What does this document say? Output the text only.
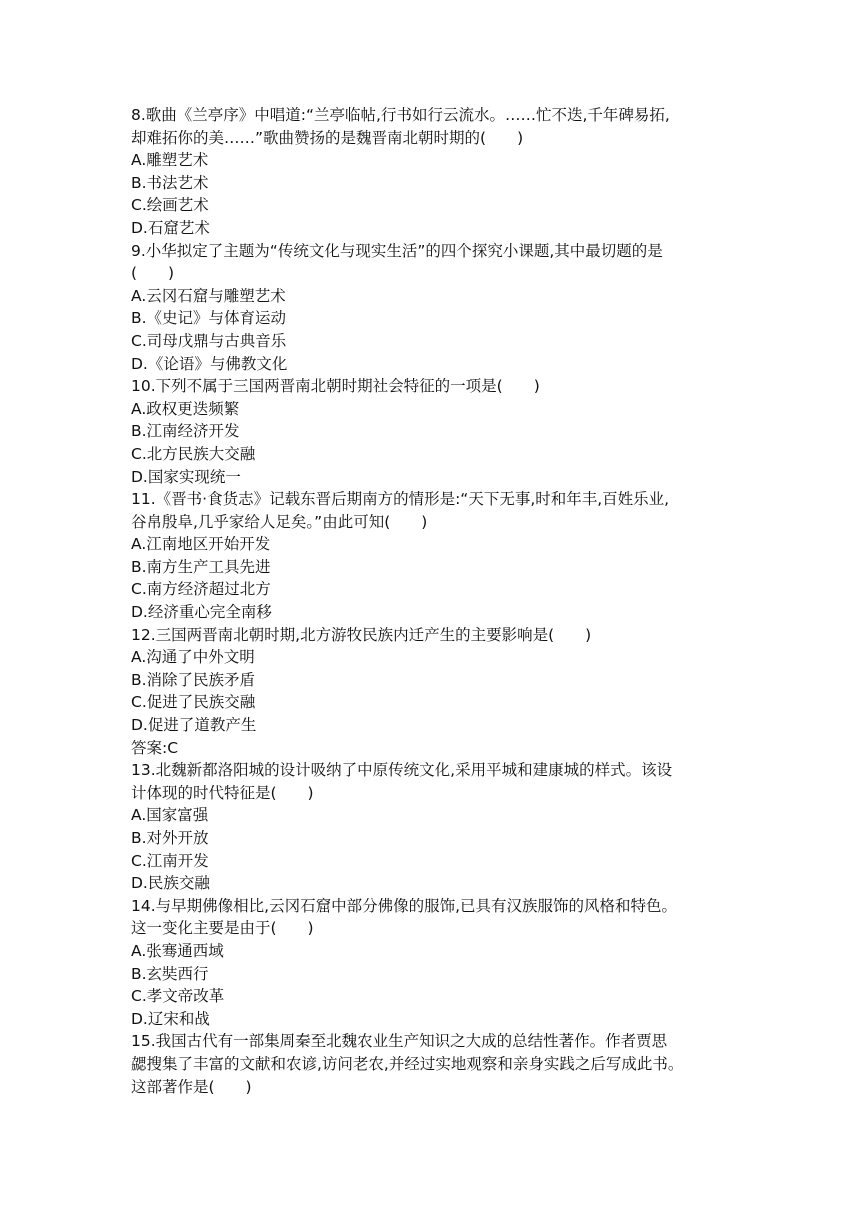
8.歌曲《兰亭序》中唱道:“兰亭临帖,行书如行云流水。……忙不迭,千年碑易拓,
却难拓你的美……”歌曲赞扬的是魏晋南北朝时期的(　　)
A.雕塑艺术
B.书法艺术
C.绘画艺术
D.石窟艺术
9.小华拟定了主题为“传统文化与现实生活”的四个探究小课题,其中最切题的是
(　　)
A.云冈石窟与雕塑艺术
B.《史记》与体育运动
C.司母戊鼎与古典音乐
D.《论语》与佛教文化
10.下列不属于三国两晋南北朝时期社会特征的一项是(　　)
A.政权更迭频繁
B.江南经济开发
C.北方民族大交融
D.国家实现统一
11.《晋书·食货志》记载东晋后期南方的情形是:“天下无事,时和年丰,百姓乐业,
谷帛殷阜,几乎家给人足矣。”由此可知(　　)
A.江南地区开始开发
B.南方生产工具先进
C.南方经济超过北方
D.经济重心完全南移
12.三国两晋南北朝时期,北方游牧民族内迁产生的主要影响是(　　)
A.沟通了中外文明
B.消除了民族矛盾
C.促进了民族交融
D.促进了道教产生
答案:C
13.北魏新都洛阳城的设计吸纳了中原传统文化,采用平城和建康城的样式。该设
计体现的时代特征是(　　)
A.国家富强
B.对外开放
C.江南开发
D.民族交融
14.与早期佛像相比,云冈石窟中部分佛像的服饰,已具有汉族服饰的风格和特色。
这一变化主要是由于(　　)
A.张骞通西域
B.玄奘西行
C.孝文帝改革
D.辽宋和战
15.我国古代有一部集周秦至北魏农业生产知识之大成的总结性著作。作者贾思
勰搜集了丰富的文献和农谚,访问老农,并经过实地观察和亲身实践之后写成此书。
这部著作是(　　)
